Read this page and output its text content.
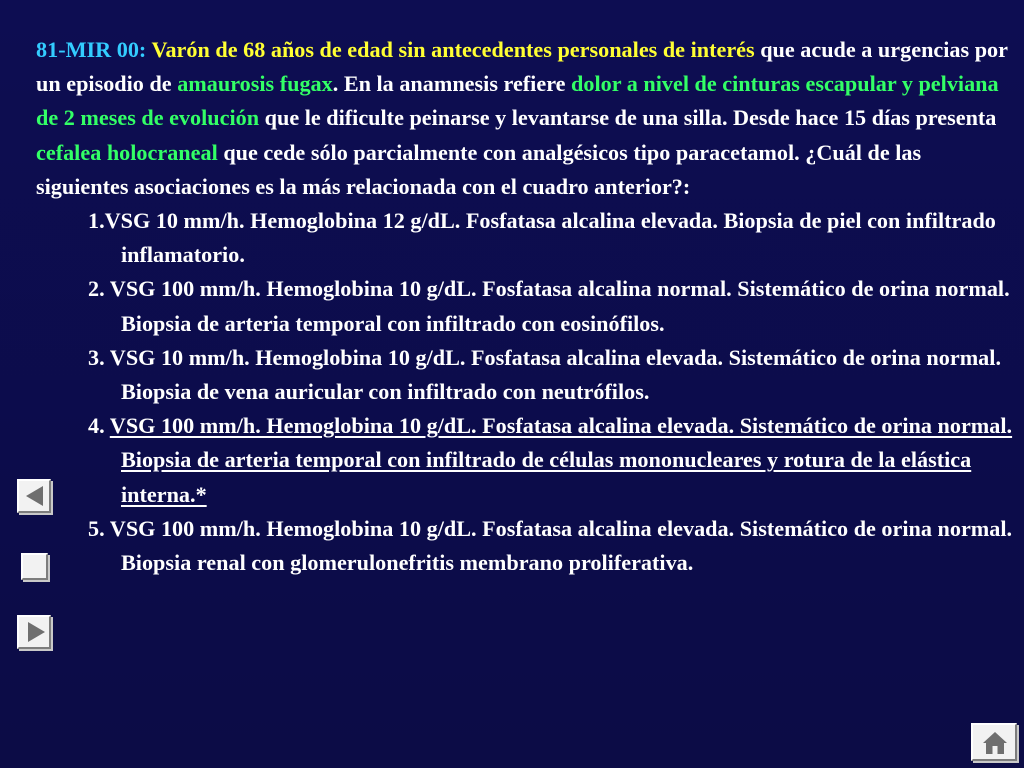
81-MIR 00: Varón de 68 años de edad sin antecedentes personales de interés que acude a urgencias por un episodio de amaurosis fugax. En la anamnesis refiere dolor a nivel de cinturas escapular y pelviana de 2 meses de evolución que le dificulte peinarse y levantarse de una silla. Desde hace 15 días presenta cefalea holocraneal que cede sólo parcialmente con analgésicos tipo paracetamol. ¿Cuál de las siguientes asociaciones es la más relacionada con el cuadro anterior?:

1.VSG 10 mm/h. Hemoglobina 12 g/dL. Fosfatasa alcalina elevada. Biopsia de piel con infiltrado inflamatorio.
2. VSG 100 mm/h. Hemoglobina 10 g/dL. Fosfatasa alcalina normal. Sistemático de orina normal. Biopsia de arteria temporal con infiltrado con eosinófilos.
3. VSG 10 mm/h. Hemoglobina 10 g/dL. Fosfatasa alcalina elevada. Sistemático de orina normal. Biopsia de vena auricular con infiltrado con neutrófilos.
4. VSG 100 mm/h. Hemoglobina 10 g/dL. Fosfatasa alcalina elevada. Sistemático de orina normal. Biopsia de arteria temporal con infiltrado de células mononucleares y rotura de la elástica interna.*
5. VSG 100 mm/h. Hemoglobina 10 g/dL. Fosfatasa alcalina elevada. Sistemático de orina normal. Biopsia renal con glomerulonefritis membrano proliferativa.
